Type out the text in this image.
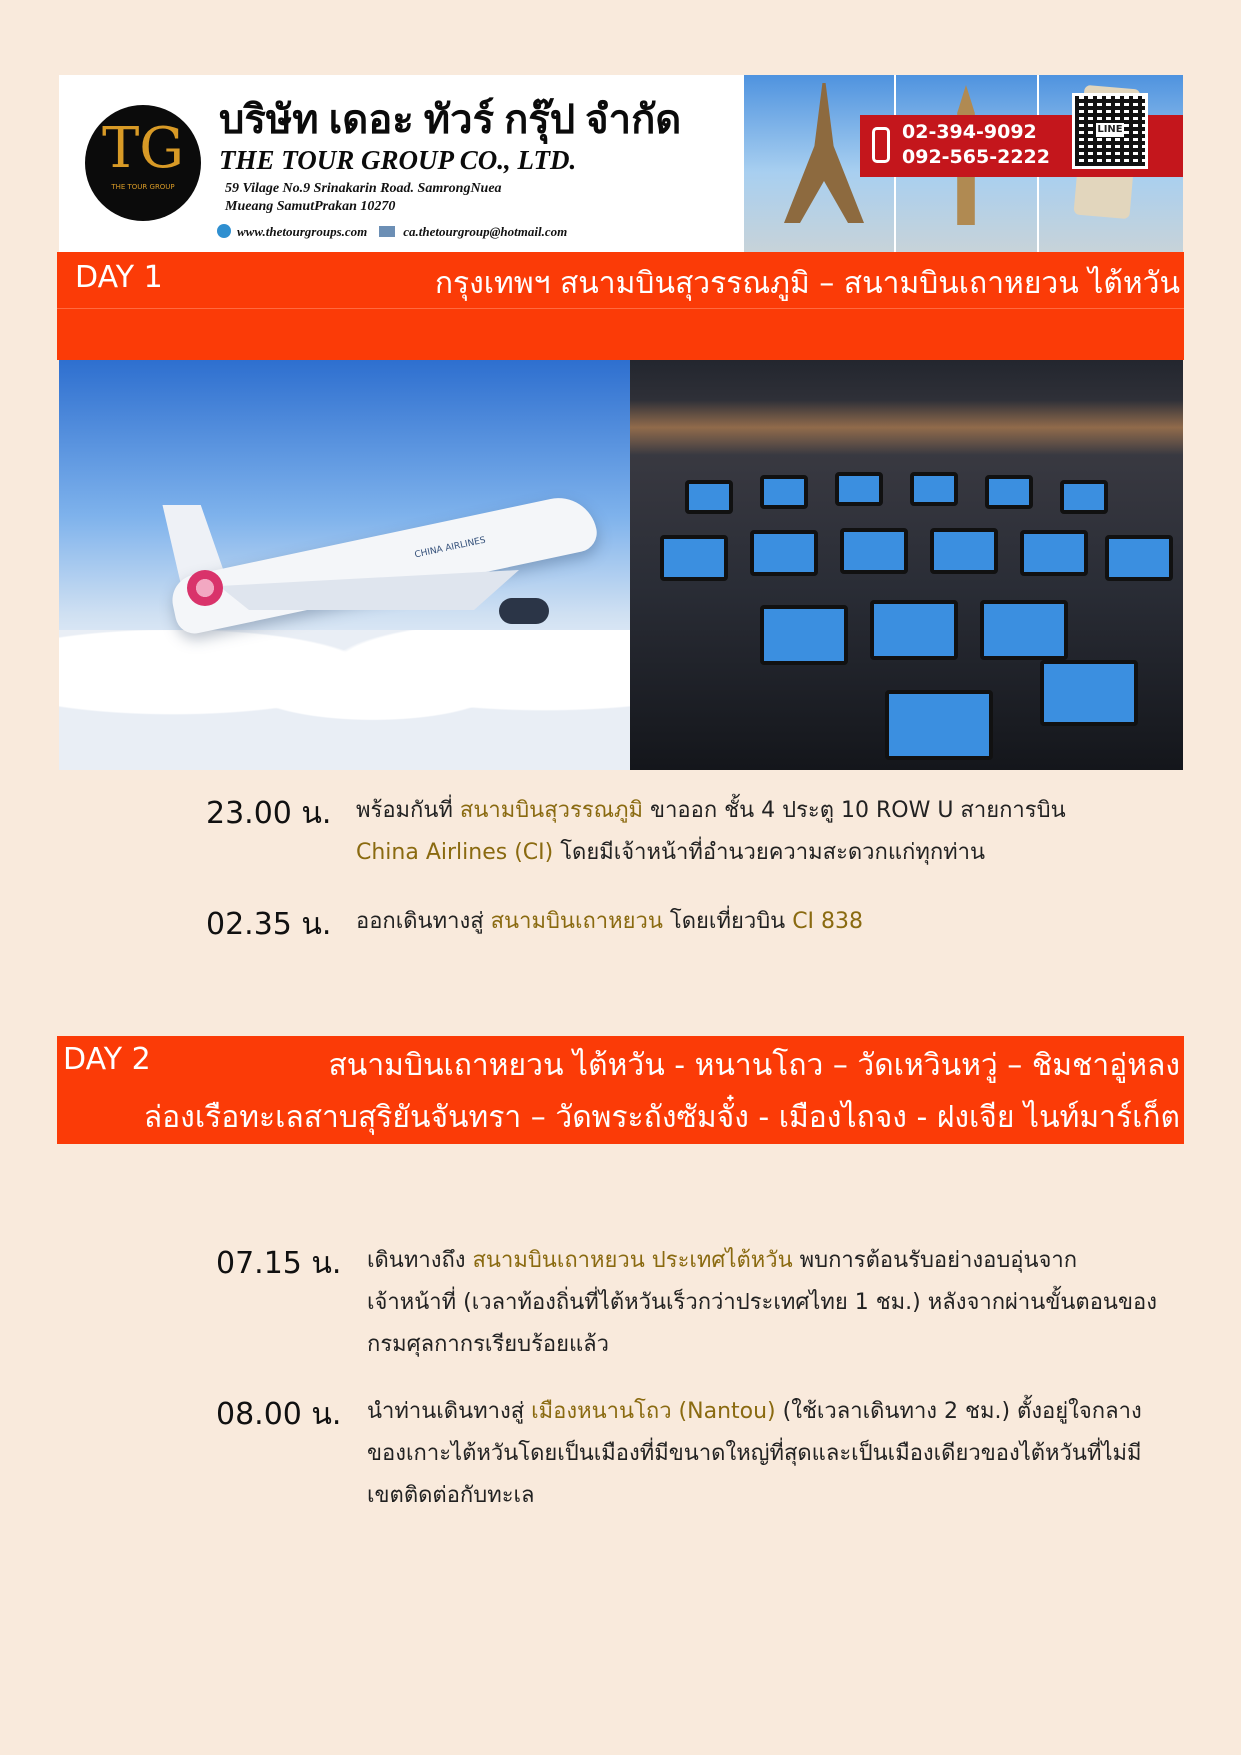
TG
THE TOUR GROUP
บริษัท เดอะ ทัวร์ กรุ๊ป จำกัด
THE TOUR GROUP CO., LTD.
59 Vilage No.9 Srinakarin Road. SamrongNuea
Mueang SamutPrakan 10270
www.thetourgroups.com	ca.thetourgroup@hotmail.com
02-394-9092
092-565-2222
LINE
DAY 1	กรุงเทพฯ สนามบินสุวรรณภูมิ – สนามบินเถาหยวน ไต้หวัน
CHINA AIRLINES
23.00 น. พร้อมกันที่ สนามบินสุวรรณภูมิ ขาออก ชั้น 4 ประตู 10 ROW U สายการบิน
China Airlines (CI) โดยมีเจ้าหน้าที่อำนวยความสะดวกแก่ทุกท่าน
02.35 น. ออกเดินทางสู่ สนามบินเถาหยวน โดยเที่ยวบิน CI 838
DAY 2	สนามบินเถาหยวน ไต้หวัน - หนานโถว – วัดเหวินหวู่ – ชิมชาอู่หลง
ล่องเรือทะเลสาบสุริยันจันทรา – วัดพระถังซัมจั๋ง - เมืองไถจง - ฝงเจีย ไนท์มาร์เก็ต
07.15 น. เดินทางถึง สนามบินเถาหยวน ประเทศไต้หวัน พบการต้อนรับอย่างอบอุ่นจาก
เจ้าหน้าที่ (เวลาท้องถิ่นที่ไต้หวันเร็วกว่าประเทศไทย 1 ชม.) หลังจากผ่านขั้นตอนของ
กรมศุลกากรเรียบร้อยแล้ว
08.00 น. นำท่านเดินทางสู่ เมืองหนานโถว (Nantou) (ใช้เวลาเดินทาง 2 ชม.) ตั้งอยู่ใจกลาง
ของเกาะไต้หวันโดยเป็นเมืองที่มีขนาดใหญ่ที่สุดและเป็นเมืองเดียวของไต้หวันที่ไม่มี
เขตติดต่อกับทะเล
